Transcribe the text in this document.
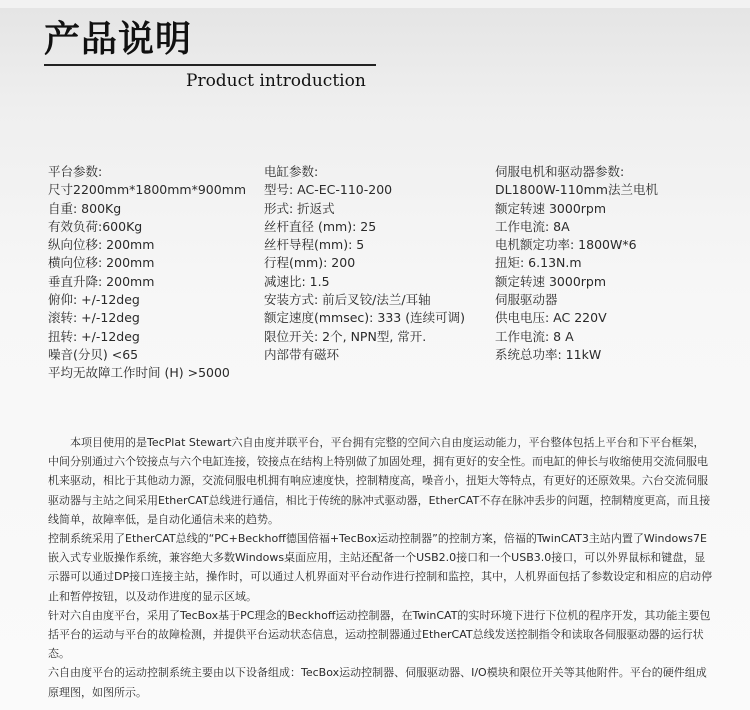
产品说明
Product introduction
平台参数:
尺寸2200mm*1800mm*900mm
自重: 800Kg
有效负荷:600Kg
纵向位移: 200mm
横向位移: 200mm
垂直升降: 200mm
俯仰: +/-12deg
滚转: +/-12deg
扭转: +/-12deg
噪音(分贝) <65
平均无故障工作时间 (H) >5000
电缸参数:
型号: AC-EC-110-200
形式: 折返式
丝杆直径 (mm): 25
丝杆导程(mm): 5
行程(mm): 200
减速比: 1.5
安装方式: 前后叉铰/法兰/耳轴
额定速度(mmsec): 333 (连续可调)
限位开关: 2个, NPN型, 常开.
内部带有磁环
伺服电机和驱动器参数:
DL1800W-110mm法兰电机
额定转速 3000rpm
工作电流: 8A
电机额定功率: 1800W*6
扭矩: 6.13N.m
额定转速 3000rpm
伺服驱动器
供电电压: AC 220V
工作电流: 8 A
系统总功率: 11kW

本项目使用的是TecPlat Stewart六自由度并联平台，平台拥有完整的空间六自由度运动能力，平台整体包括上平台和下平台框架，中间分别通过六个铰接点与六个电缸连接，铰接点在结构上特别做了加固处理，拥有更好的安全性。而电缸的伸长与收缩使用交流伺服电机来驱动，相比于其他动力源，交流伺服电机拥有响应速度快，控制精度高，噪音小，扭矩大等特点，有更好的还原效果。六台交流伺服驱动器与主站之间采用EtherCAT总线进行通信，相比于传统的脉冲式驱动器，EtherCAT不存在脉冲丢步的问题，控制精度更高，而且接线简单，故障率低，是自动化通信未来的趋势。

控制系统采用了EtherCAT总线的“PC+Beckhoff德国倍福+TecBox运动控制器”的控制方案，倍福的TwinCAT3主站内置了Windows7E嵌入式专业版操作系统，兼容绝大多数Windows桌面应用，主站还配备一个USB2.0接口和一个USB3.0接口，可以外界鼠标和键盘，显示器可以通过DP接口连接主站，操作时，可以通过人机界面对平台动作进行控制和监控，其中，人机界面包括了参数设定和相应的启动停止和暂停按钮，以及动作进度的显示区域。

针对六自由度平台，采用了TecBox基于PC理念的Beckhoff运动控制器，在TwinCAT的实时环境下进行下位机的程序开发，其功能主要包括平台的运动与平台的故障检测，并提供平台运动状态信息，运动控制器通过EtherCAT总线发送控制指令和读取各伺服驱动器的运行状态。

六自由度平台的运动控制系统主要由以下设备组成：TecBox运动控制器、伺服驱动器、I/O模块和限位开关等其他附件。平台的硬件组成原理图，如图所示。
